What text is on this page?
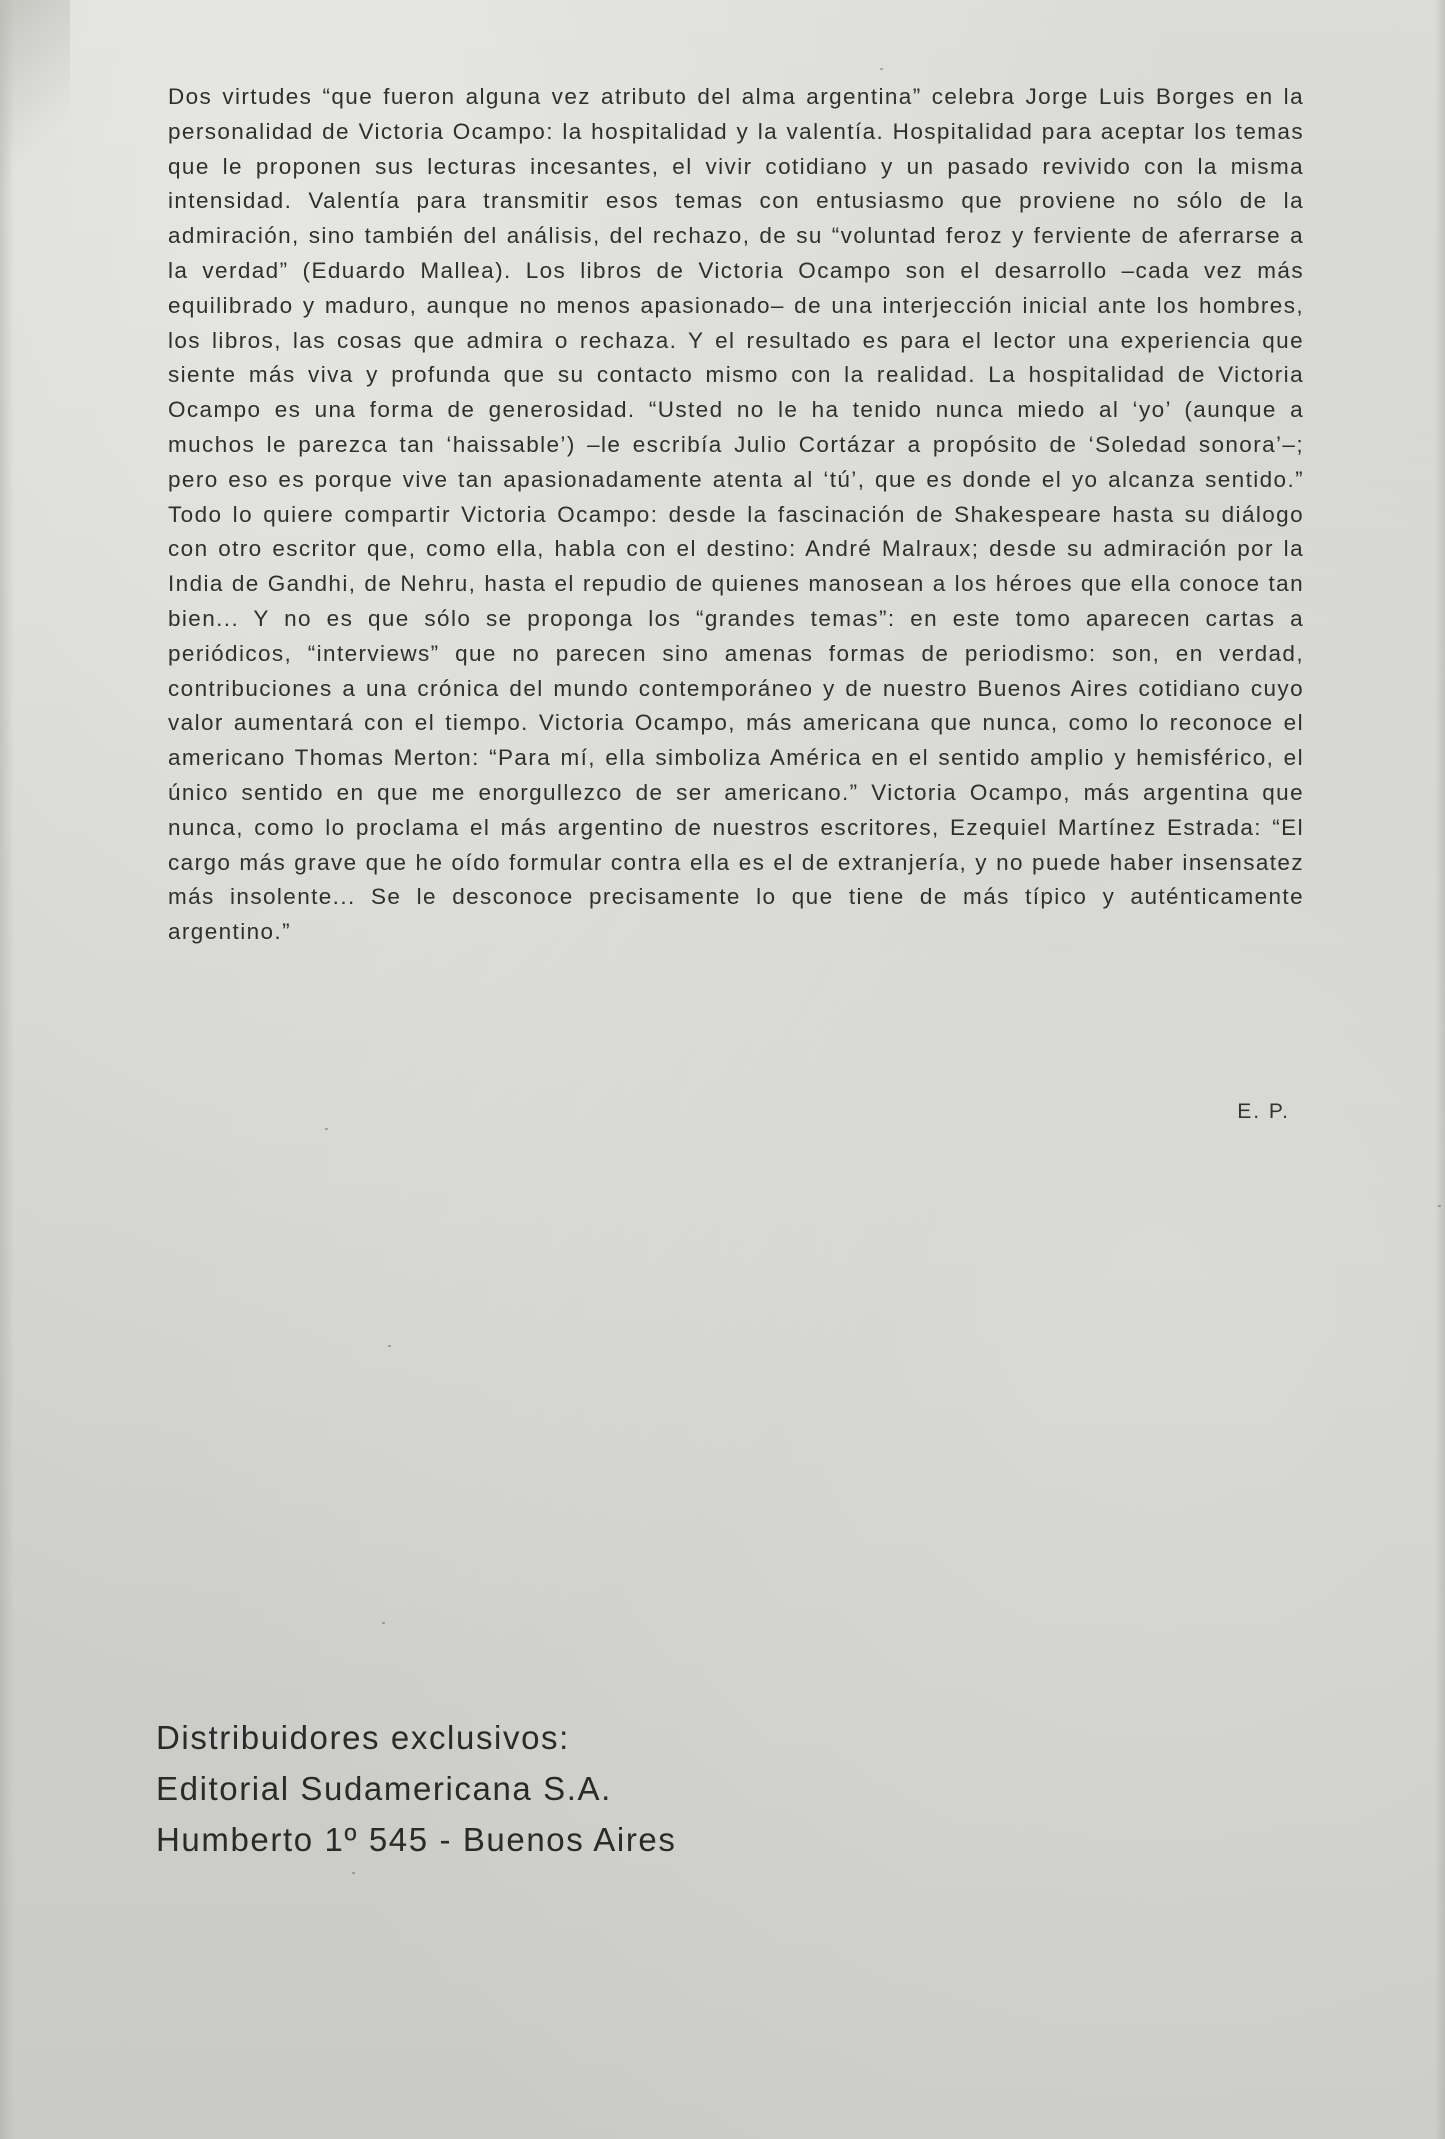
Dos virtudes “que fueron alguna vez atributo del alma argentina” celebra Jorge Luis Borges en la personalidad de Victoria Ocampo: la hospitalidad y la valentía. Hospitalidad para aceptar los temas que le proponen sus lecturas incesantes, el vivir cotidiano y un pasado revivido con la misma intensidad. Valentía para transmitir esos temas con entusiasmo que proviene no sólo de la admiración, sino también del análisis, del rechazo, de su “voluntad feroz y ferviente de aferrarse a la verdad” (Eduardo Mallea). Los libros de Victoria Ocampo son el desarrollo –cada vez más equilibrado y maduro, aunque no menos apasionado– de una interjección inicial ante los hombres, los libros, las cosas que admira o rechaza. Y el resultado es para el lector una experiencia que siente más viva y profunda que su contacto mismo con la realidad. La hospitalidad de Victoria Ocampo es una forma de generosidad. “Usted no le ha tenido nunca miedo al ‘yo’ (aunque a muchos le parezca tan ‘haissable’) –le escribía Julio Cortázar a propósito de ‘Soledad sonora’–; pero eso es porque vive tan apasionadamente atenta al ‘tú’, que es donde el yo alcanza sentido.” Todo lo quiere compartir Victoria Ocampo: desde la fascinación de Shakespeare hasta su diálogo con otro escritor que, como ella, habla con el destino: André Malraux; desde su admiración por la India de Gandhi, de Nehru, hasta el repudio de quienes manosean a los héroes que ella conoce tan bien... Y no es que sólo se proponga los “grandes temas”: en este tomo aparecen cartas a periódicos, “interviews” que no parecen sino amenas formas de periodismo: son, en verdad, contribuciones a una crónica del mundo contemporáneo y de nuestro Buenos Aires cotidiano cuyo valor aumentará con el tiempo. Victoria Ocampo, más americana que nunca, como lo reconoce el americano Thomas Merton: “Para mí, ella simboliza América en el sentido amplio y hemisférico, el único sentido en que me enorgullezco de ser americano.” Victoria Ocampo, más argentina que nunca, como lo proclama el más argentino de nuestros escritores, Ezequiel Martínez Estrada: “El cargo más grave que he oído formular contra ella es el de extranjería, y no puede haber insensatez más insolente... Se le desconoce precisamente lo que tiene de más típico y auténticamente argentino.”

E. P.
Distribuidores exclusivos:
Editorial Sudamericana S.A.
Humberto 1º 545 - Buenos Aires
